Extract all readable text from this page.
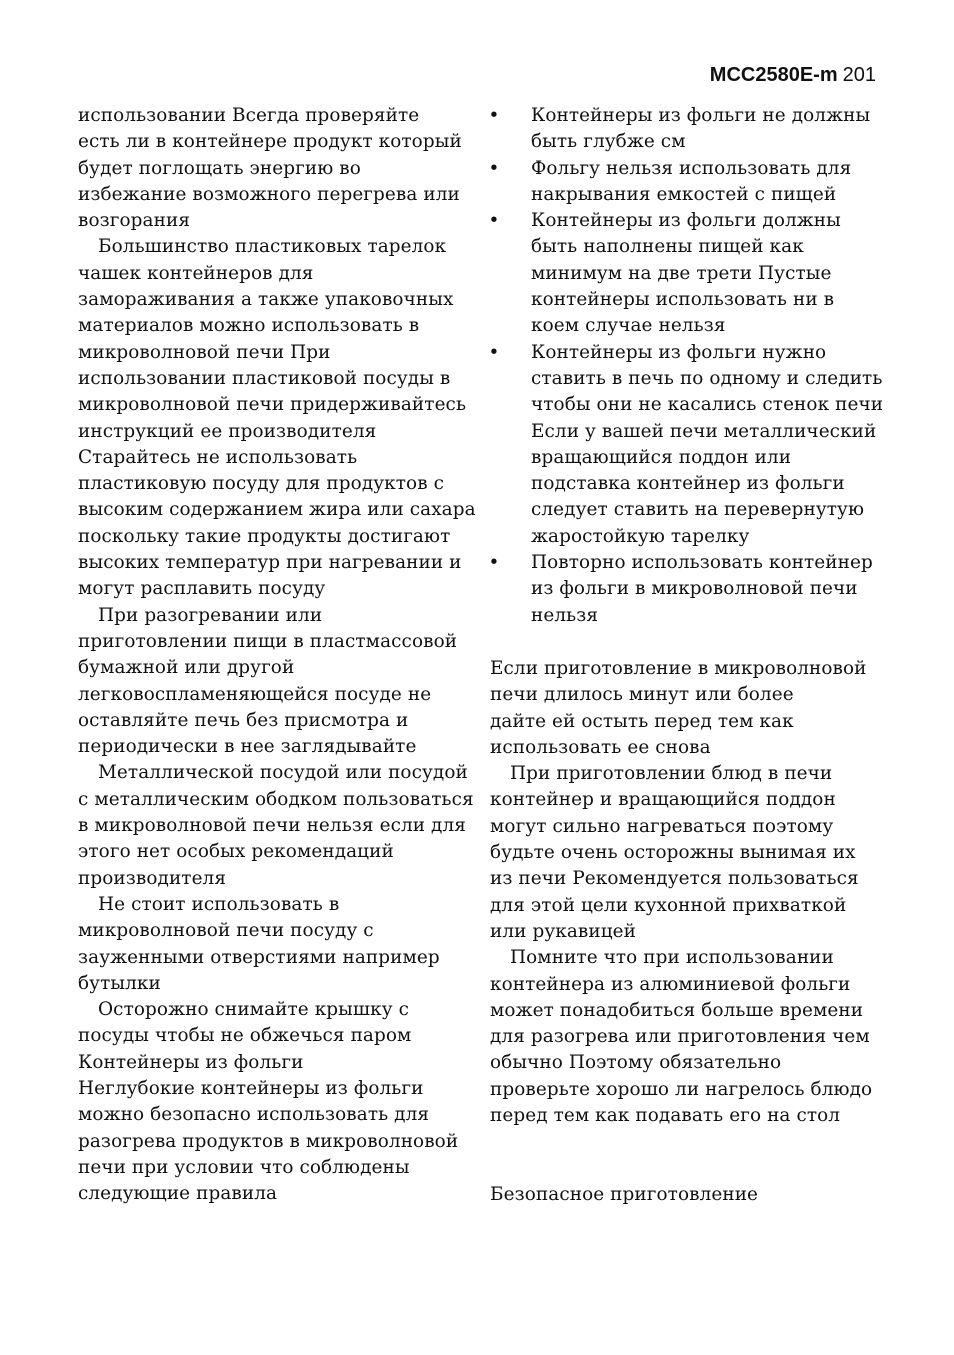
MCC2580E-m 201
использовании Всегда проверяйте
есть ли в контейнере продукт который
будет поглощать энергию во
избежание возможного перегрева или
возгорания
Большинство пластиковых тарелок
чашек контейнеров для
замораживания а также упаковочных
материалов можно использовать в
микроволновой печи При
использовании пластиковой посуды в
микроволновой печи придерживайтесь
инструкций ее производителя
Старайтесь не использовать
пластиковую посуду для продуктов с
высоким содержанием жира или сахара
поскольку такие продукты достигают
высоких температур при нагревании и
могут расплавить посуду
При разогревании или
приготовлении пищи в пластмассовой
бумажной или другой
легковоспламеняющейся посуде не
оставляйте печь без присмотра и
периодически в нее заглядывайте
Металлической посудой или посудой
с металлическим ободком пользоваться
в микроволновой печи нельзя если для
этого нет особых рекомендаций
производителя
Не стоит использовать в
микроволновой печи посуду с
зауженными отверстиями например
бутылки
Осторожно снимайте крышку с
посуды чтобы не обжечься паром
Контейнеры из фольги
Неглубокие контейнеры из фольги
можно безопасно использовать для
разогрева продуктов в микроволновой
печи при условии что соблюдены
следующие правила
• Контейнеры из фольги не должны
быть глубже см
• Фольгу нельзя использовать для
накрывания емкостей с пищей
• Контейнеры из фольги должны
быть наполнены пищей как
минимум на две трети Пустые
контейнеры использовать ни в
коем случае нельзя
• Контейнеры из фольги нужно
ставить в печь по одному и следить
чтобы они не касались стенок печи
Если у вашей печи металлический
вращающийся поддон или
подставка контейнер из фольги
следует ставить на перевернутую
жаростойкую тарелку
• Повторно использовать контейнер
из фольги в микроволновой печи
нельзя
Если приготовление в микроволновой
печи длилось минут или более
дайте ей остыть перед тем как
использовать ее снова
При приготовлении блюд в печи
контейнер и вращающийся поддон
могут сильно нагреваться поэтому
будьте очень осторожны вынимая их
из печи Рекомендуется пользоваться
для этой цели кухонной прихваткой
или рукавицей
Помните что при использовании
контейнера из алюминиевой фольги
может понадобиться больше времени
для разогрева или приготовления чем
обычно Поэтому обязательно
проверьте хорошо ли нагрелось блюдо
перед тем как подавать его на стол
Безопасное приготовление
